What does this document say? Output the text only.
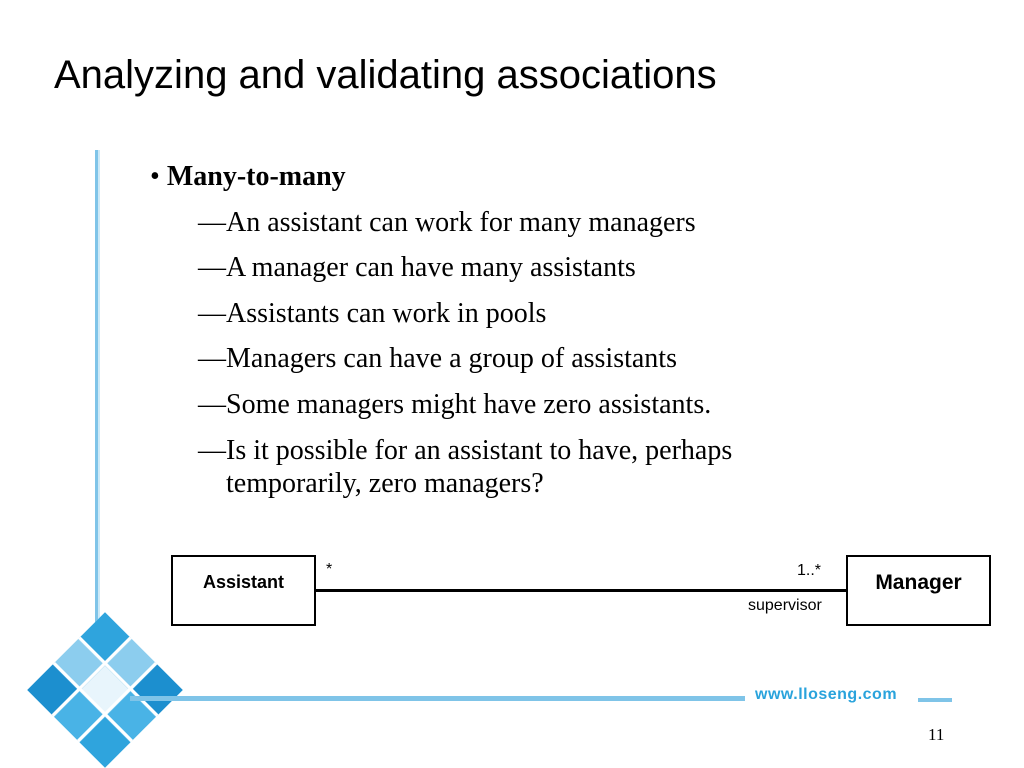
Analyzing and validating associations

• Many-to-many

—An assistant can work for many managers

—A manager can have many assistants

—Assistants can work in pools

—Managers can have a group of assistants

—Some managers might have zero assistants.

—Is it possible for an assistant to have, perhaps temporarily, zero managers?

Assistant	Manager
*	1..*
supervisor
www.lloseng.com
11
